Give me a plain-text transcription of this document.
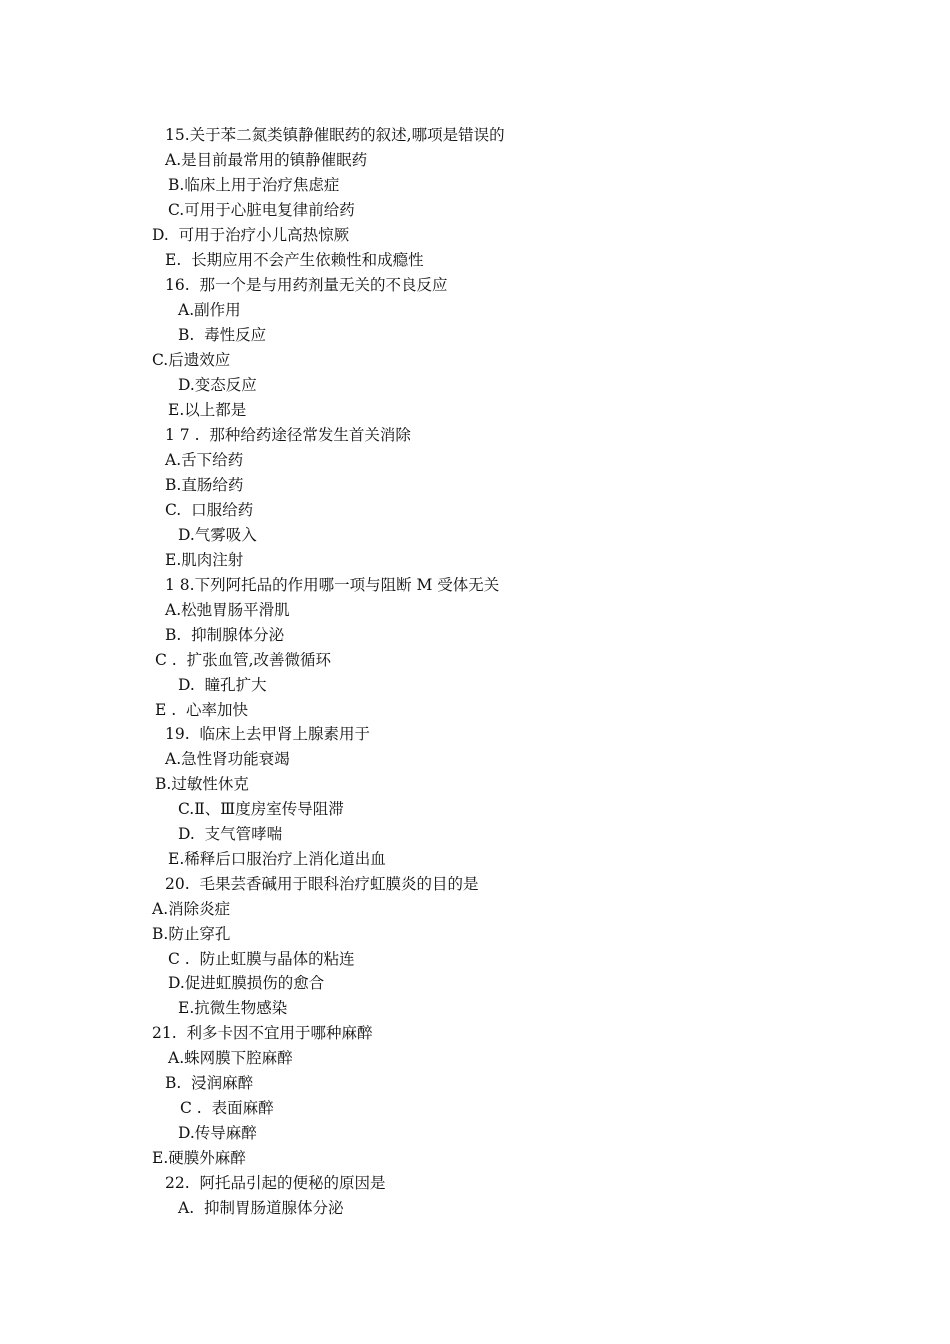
15.关于苯二氮类镇静催眠药的叙述,哪项是错误的
A.是目前最常用的镇静催眠药
B.临床上用于治疗焦虑症
C.可用于心脏电复律前给药
D.  可用于治疗小儿高热惊厥
E.  长期应用不会产生依赖性和成瘾性
16.  那一个是与用药剂量无关的不良反应
A.副作用
B.  毒性反应
C.后遗效应
D.变态反应
E.以上都是
1 7 .  那种给药途径常发生首关消除
A.舌下给药
B.直肠给药
C.  口服给药
D.气雾吸入
E.肌肉注射
1 8.下列阿托品的作用哪一项与阻断 M 受体无关
A.松弛胃肠平滑肌
B.  抑制腺体分泌
C .  扩张血管,改善微循环
D.  瞳孔扩大
E .  心率加快
19.  临床上去甲肾上腺素用于
A.急性肾功能衰竭
B.过敏性休克
C.Ⅱ、Ⅲ度房室传导阻滞
D.  支气管哮喘
E.稀释后口服治疗上消化道出血
20.  毛果芸香碱用于眼科治疗虹膜炎的目的是
A.消除炎症
B.防止穿孔
C .  防止虹膜与晶体的粘连
D.促进虹膜损伤的愈合
E.抗微生物感染
21.  利多卡因不宜用于哪种麻醉
A.蛛网膜下腔麻醉
B.  浸润麻醉
C .  表面麻醉
D.传导麻醉
E.硬膜外麻醉
22.  阿托品引起的便秘的原因是
A.  抑制胃肠道腺体分泌
